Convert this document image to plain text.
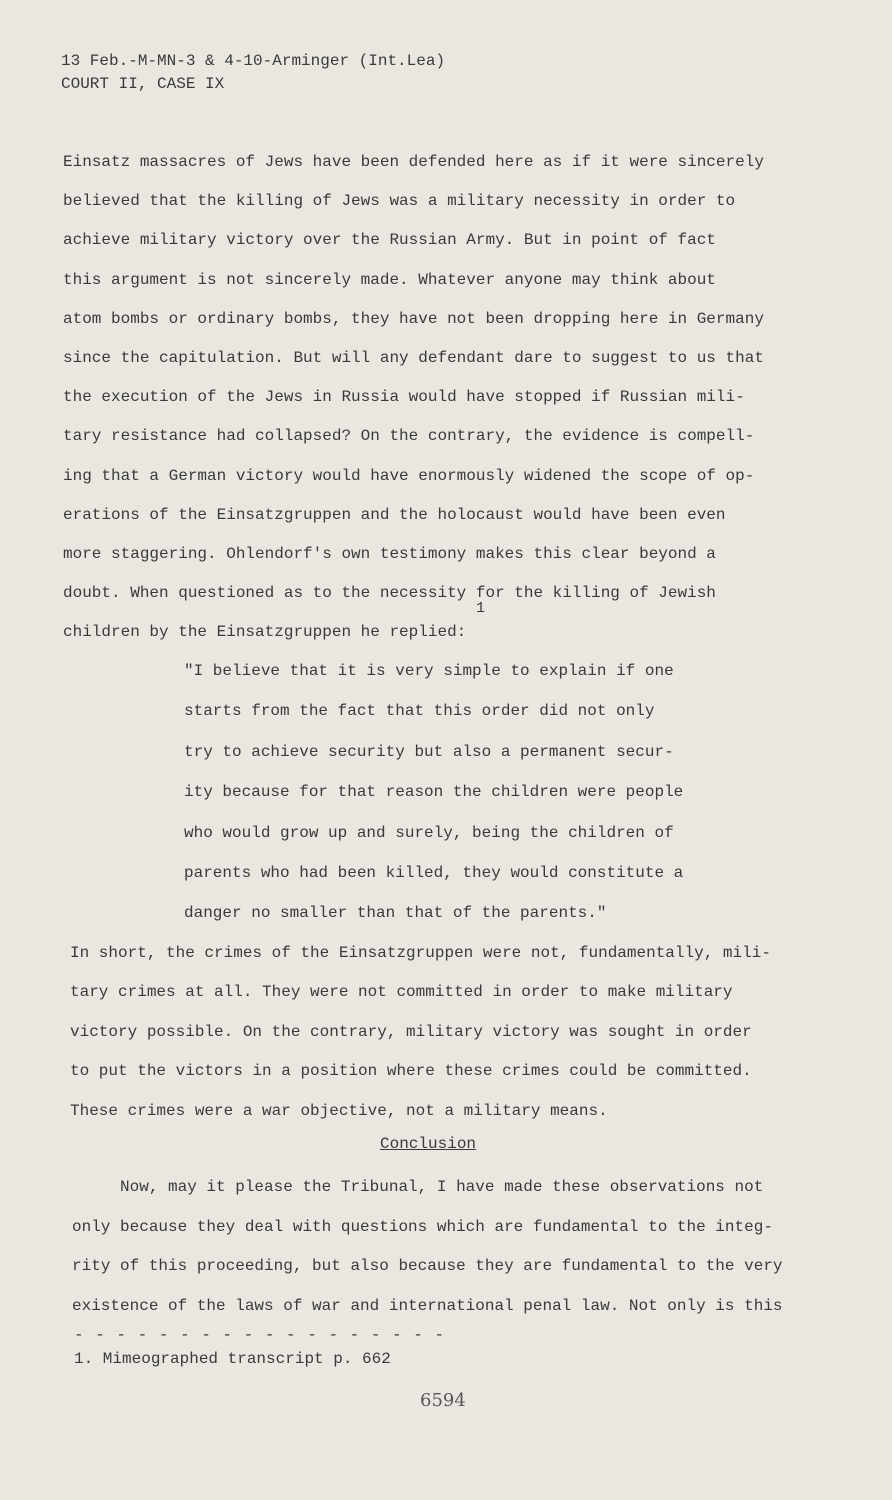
13 Feb.-M-MN-3 & 4-10-Arminger (Int.Lea)
COURT II, CASE IX
Einsatz massacres of Jews have been defended here as if it were sincerely
believed that the killing of Jews was a military necessity in order to
achieve military victory over the Russian Army. But in point of fact
this argument is not sincerely made. Whatever anyone may think about
atom bombs or ordinary bombs, they have not been dropping here in Germany
since the capitulation. But will any defendant dare to suggest to us that
the execution of the Jews in Russia would have stopped if Russian mili-
tary resistance had collapsed? On the contrary, the evidence is compell-
ing that a German victory would have enormously widened the scope of op-
erations of the Einsatzgruppen and the holocaust would have been even
more staggering. Ohlendorf's own testimony makes this clear beyond a
doubt. When questioned as to the necessity for the killing of Jewish
children by the Einsatzgruppen he replied:
1
"I believe that it is very simple to explain if one
starts from the fact that this order did not only
try to achieve security but also a permanent secur-
ity because for that reason the children were people
who would grow up and surely, being the children of
parents who had been killed, they would constitute a
danger no smaller than that of the parents."
In short, the crimes of the Einsatzgruppen were not, fundamentally, mili-
tary crimes at all. They were not committed in order to make military
victory possible. On the contrary, military victory was sought in order
to put the victors in a position where these crimes could be committed.
These crimes were a war objective, not a military means.
Conclusion
Now, may it please the Tribunal, I have made these observations not
only because they deal with questions which are fundamental to the integ-
rity of this proceeding, but also because they are fundamental to the very
existence of the laws of war and international penal law. Not only is this
- - - - - - - - - - - - - - - - - -
1. Mimeographed transcript p. 662
6594
